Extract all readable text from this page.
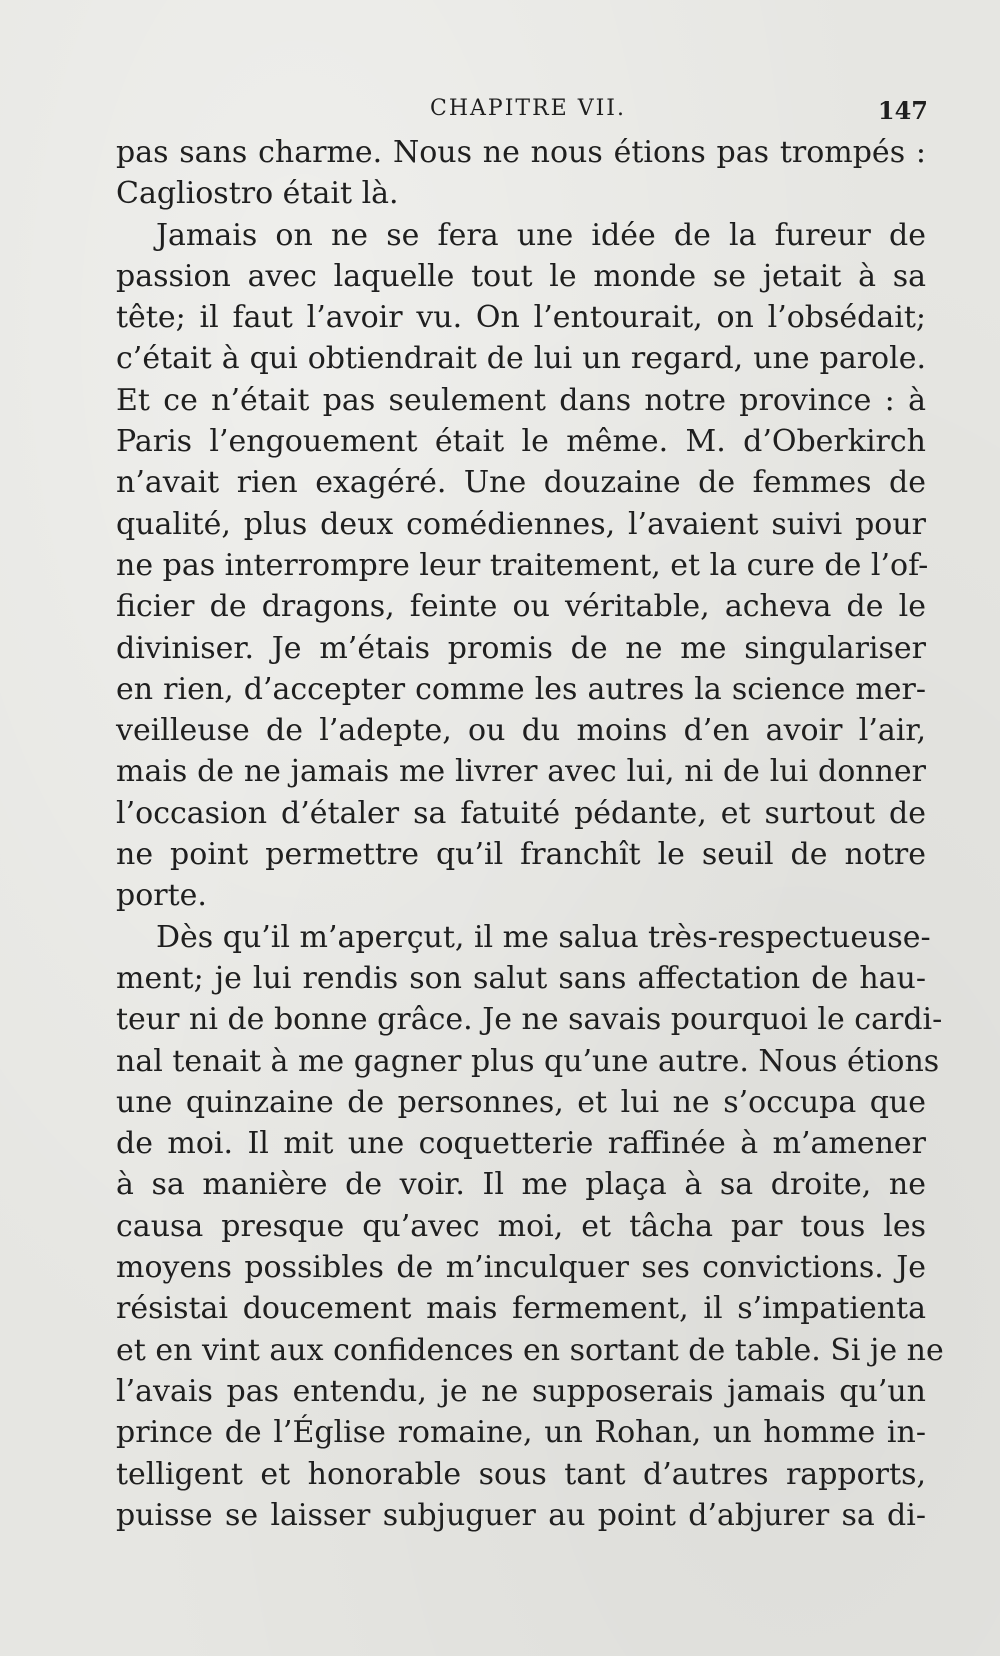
CHAPITRE VII.	147
pas sans charme. Nous ne nous étions pas trompés :
Cagliostro était là.
Jamais on ne se fera une idée de la fureur de
passion avec laquelle tout le monde se jetait à sa
tête; il faut l’avoir vu. On l’entourait, on l’obsédait;
c’était à qui obtiendrait de lui un regard, une parole.
Et ce n’était pas seulement dans notre province : à
Paris l’engouement était le même. M. d’Oberkirch
n’avait rien exagéré. Une douzaine de femmes de
qualité, plus deux comédiennes, l’avaient suivi pour
ne pas interrompre leur traitement, et la cure de l’of-
ficier de dragons, feinte ou véritable, acheva de le
diviniser. Je m’étais promis de ne me singulariser
en rien, d’accepter comme les autres la science mer-
veilleuse de l’adepte, ou du moins d’en avoir l’air,
mais de ne jamais me livrer avec lui, ni de lui donner
l’occasion d’étaler sa fatuité pédante, et surtout de
ne point permettre qu’il franchît le seuil de notre
porte.
Dès qu’il m’aperçut, il me salua très-respectueuse-
ment; je lui rendis son salut sans affectation de hau-
teur ni de bonne grâce. Je ne savais pourquoi le cardi-
nal tenait à me gagner plus qu’une autre. Nous étions
une quinzaine de personnes, et lui ne s’occupa que
de moi. Il mit une coquetterie raffinée à m’amener
à sa manière de voir. Il me plaça à sa droite, ne
causa presque qu’avec moi, et tâcha par tous les
moyens possibles de m’inculquer ses convictions. Je
résistai doucement mais fermement, il s’impatienta
et en vint aux confidences en sortant de table. Si je ne
l’avais pas entendu, je ne supposerais jamais qu’un
prince de l’Église romaine, un Rohan, un homme in-
telligent et honorable sous tant d’autres rapports,
puisse se laisser subjuguer au point d’abjurer sa di-
